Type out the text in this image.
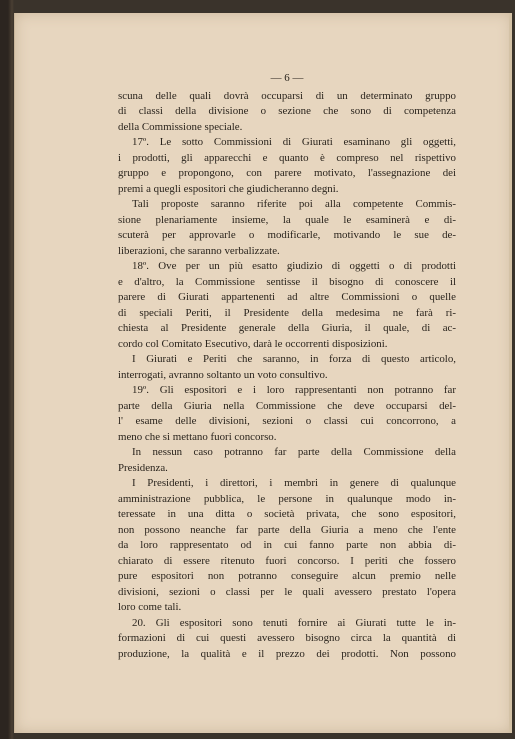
— 6 —
scuna delle quali dovrà occuparsi di un determinato gruppo
di classi della divisione o sezione che sono di competenza
della Commissione speciale.
17º. Le sotto Commissioni di Giurati esaminano gli oggetti,
i prodotti, gli apparecchi e quanto è compreso nel rispettivo
gruppo e propongono, con parere motivato, l'assegnazione dei
premi a quegli espositori che giudicheranno degni.
Tali proposte saranno riferite poi alla competente Commis-
sione plenariamente insieme, la quale le esaminerà e di-
scuterà per approvarle o modificarle, motivando le sue de-
liberazioni, che saranno verbalizzate.
18º. Ove per un più esatto giudizio di oggetti o di prodotti
e d'altro, la Commissione sentisse il bisogno di conoscere il
parere di Giurati appartenenti ad altre Commissioni o quelle
di speciali Periti, il Presidente della medesima ne farà ri-
chiesta al Presidente generale della Giuria, il quale, di ac-
cordo col Comitato Esecutivo, darà le occorrenti disposizioni.
I Giurati e Periti che saranno, in forza di questo articolo,
interrogati, avranno soltanto un voto consultivo.
19º. Gli espositori e i loro rappresentanti non potranno far
parte della Giuria nella Commissione che deve occuparsi del-
l' esame delle divisioni, sezioni o classi cui concorrono, a
meno che si mettano fuori concorso.
In nessun caso potranno far parte della Commissione della
Presidenza.
I Presidenti, i direttori, i membri in genere di qualunque
amministrazione pubblica, le persone in qualunque modo in-
teressate in una ditta o società privata, che sono espositori,
non possono neanche far parte della Giuria a meno che l'ente
da loro rappresentato od in cui fanno parte non abbia di-
chiarato di essere ritenuto fuori concorso. I periti che fossero
pure espositori non potranno conseguire alcun premio nelle
divisioni, sezioni o classi per le quali avessero prestato l'opera
loro come tali.
20. Gli espositori sono tenuti fornire ai Giurati tutte le in-
formazioni di cui questi avessero bisogno circa la quantità di
produzione, la qualità e il prezzo dei prodotti. Non possono
